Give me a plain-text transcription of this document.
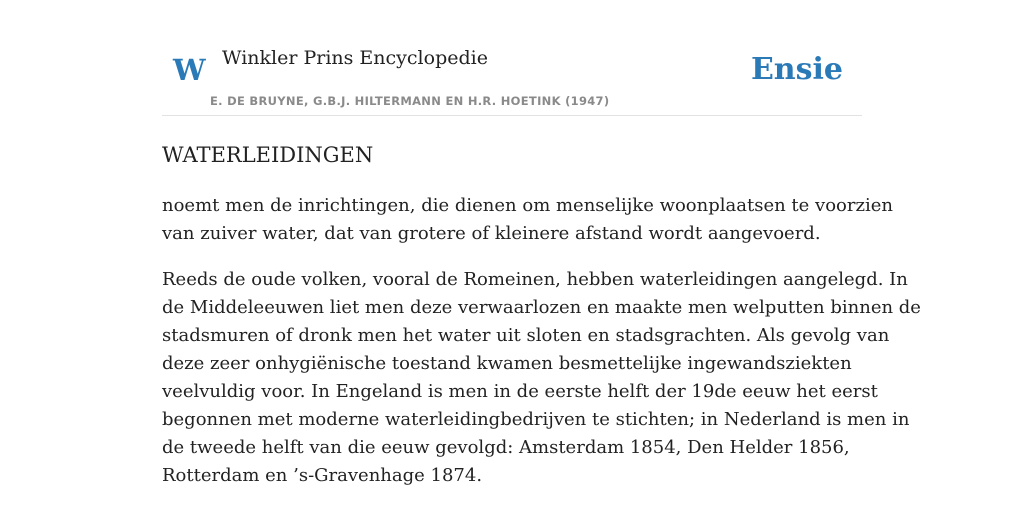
W Winkler Prins Encyclopedie
E. DE BRUYNE, G.B.J. HILTERMANN EN H.R. HOETINK (1947)
Ensie
WATERLEIDINGEN

noemt men de inrichtingen, die dienen om menselijke woonplaatsen te voorzien
van zuiver water, dat van grotere of kleinere afstand wordt aangevoerd.

Reeds de oude volken, vooral de Romeinen, hebben waterleidingen aangelegd. In
de Middeleeuwen liet men deze verwaarlozen en maakte men welputten binnen de
stadsmuren of dronk men het water uit sloten en stadsgrachten. Als gevolg van
deze zeer onhygiënische toestand kwamen besmettelijke ingewandsziekten
veelvuldig voor. In Engeland is men in de eerste helft der 19de eeuw het eerst
begonnen met moderne waterleidingbedrijven te stichten; in Nederland is men in
de tweede helft van die eeuw gevolgd: Amsterdam 1854, Den Helder 1856,
Rotterdam en ’s-Gravenhage 1874.
